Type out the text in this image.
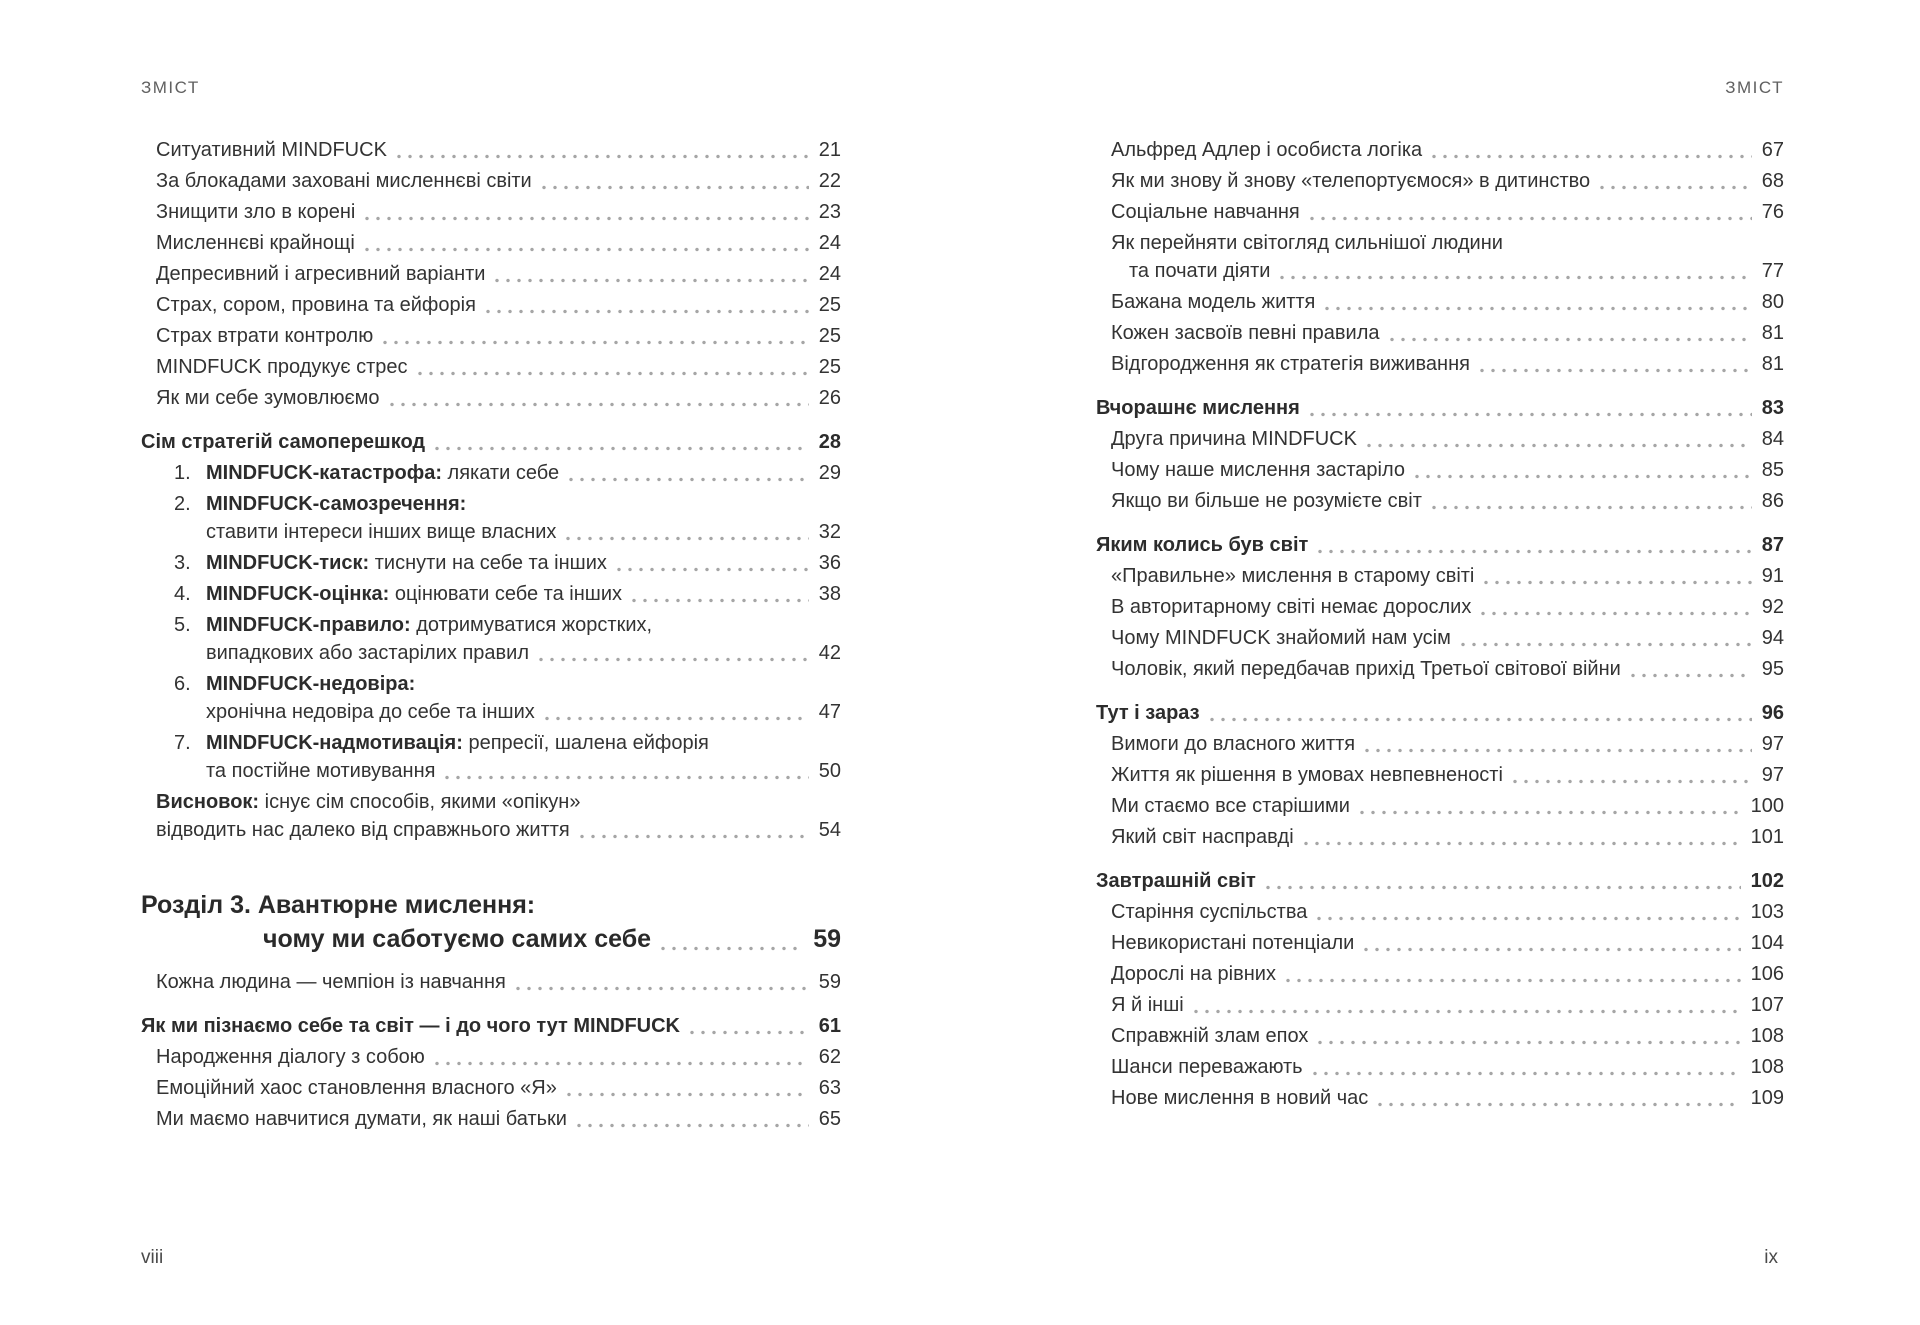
ЗМІСТ
Ситуативний MINDFUCK	21
За блокадами заховані мисленнєві світи	22
Знищити зло в корені	23
Мисленнєві крайнощі	24
Депресивний і агресивний варіанти	24
Страх, сором, провина та ейфорія	25
Страх втрати контролю	25
MINDFUCK продукує стрес	25
Як ми себе зумовлюємо	26
Сім стратегій самоперешкод	28
1. MINDFUCK-катастрофа: лякати себе	29
2. MINDFUCK-самозречення:
ставити інтереси інших вище власних	32
3. MINDFUCK-тиск: тиснути на себе та інших	36
4. MINDFUCK-оцінка: оцінювати себе та інших	38
5. MINDFUCK-правило: дотримуватися жорстких,
випадкових або застарілих правил	42
6. MINDFUCK-недовіра:
хронічна недовіра до себе та інших	47
7. MINDFUCK-надмотивація: репресії, шалена ейфорія
та постійне мотивування	50
Висновок: існує сім способів, якими «опікун»
відводить нас далеко від справжнього життя	54
Розділ 3. Авантюрне мислення:
чому ми саботуємо самих себе	59
Кожна людина — чемпіон із навчання	59
Як ми пізнаємо себе та світ — і до чого тут MINDFUCK	61
Народження діалогу з собою	62
Емоційний хаос становлення власного «Я»	63
Ми маємо навчитися думати, як наші батьки	65
viii
ЗМІСТ
Альфред Адлер і особиста логіка	67
Як ми знову й знову «телепортуємося» в дитинство	68
Соціальне навчання	76
Як перейняти світогляд сильнішої людини
та почати діяти	77
Бажана модель життя	80
Кожен засвоїв певні правила	81
Відгородження як стратегія виживання	81
Вчорашнє мислення	83
Друга причина MINDFUCK	84
Чому наше мислення застаріло	85
Якщо ви більше не розумієте світ	86
Яким колись був світ	87
«Правильне» мислення в старому світі	91
В авторитарному світі немає дорослих	92
Чому MINDFUCK знайомий нам усім	94
Чоловік, який передбачав прихід Третьої світової війни	95
Тут і зараз	96
Вимоги до власного життя	97
Життя як рішення в умовах невпевненості	97
Ми стаємо все старішими	100
Який світ насправді	101
Завтрашній світ	102
Старіння суспільства	103
Невикористані потенціали	104
Дорослі на рівних	106
Я й інші	107
Справжній злам епох	108
Шанси переважають	108
Нове мислення в новий час	109
ix
